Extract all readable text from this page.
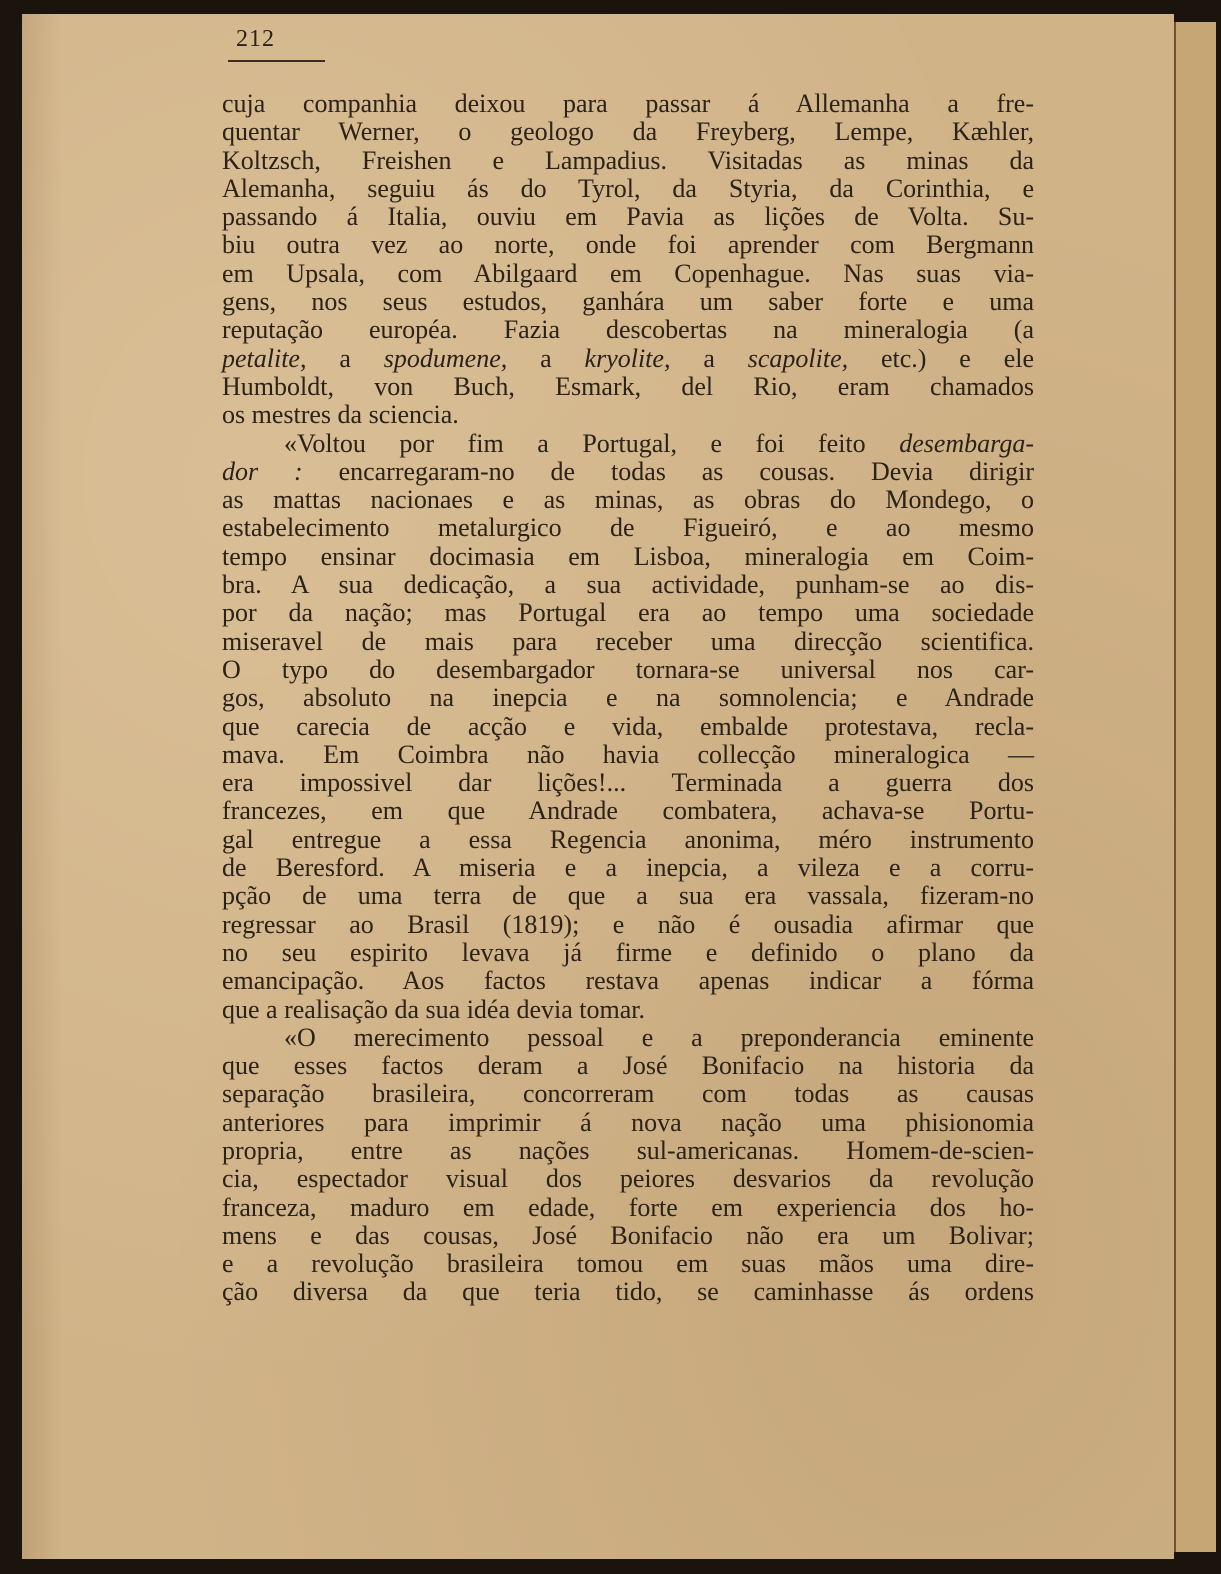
212
cuja companhia deixou para passar á Allemanha a fre-
quentar Werner, o geologo da Freyberg, Lempe, Kæhler,
Koltzsch, Freishen e Lampadius. Visitadas as minas da
Alemanha, seguiu ás do Tyrol, da Styria, da Corinthia, e
passando á Italia, ouviu em Pavia as lições de Volta. Su-
biu outra vez ao norte, onde foi aprender com Bergmann
em Upsala, com Abilgaard em Copenhague. Nas suas via-
gens, nos seus estudos, ganhára um saber forte e uma
reputação européa. Fazia descobertas na mineralogia (a
petalite, a spodumene, a kryolite, a scapolite, etc.) e ele
Humboldt, von Buch, Esmark, del Rio, eram chamados
os mestres da sciencia.
«Voltou por fim a Portugal, e foi feito desembarga-
dor : encarregaram-no de todas as cousas. Devia dirigir
as mattas nacionaes e as minas, as obras do Mondego, o
estabelecimento metalurgico de Figueiró, e ao mesmo
tempo ensinar docimasia em Lisboa, mineralogia em Coim-
bra. A sua dedicação, a sua actividade, punham-se ao dis-
por da nação; mas Portugal era ao tempo uma sociedade
miseravel de mais para receber uma direcção scientifica.
O typo do desembargador tornara-se universal nos car-
gos, absoluto na inepcia e na somnolencia; e Andrade
que carecia de acção e vida, embalde protestava, recla-
mava. Em Coimbra não havia collecção mineralogica —
era impossivel dar lições!... Terminada a guerra dos
francezes, em que Andrade combatera, achava-se Portu-
gal entregue a essa Regencia anonima, méro instrumento
de Beresford. A miseria e a inepcia, a vileza e a corru-
pção de uma terra de que a sua era vassala, fizeram-no
regressar ao Brasil (1819); e não é ousadia afirmar que
no seu espirito levava já firme e definido o plano da
emancipação. Aos factos restava apenas indicar a fórma
que a realisação da sua idéa devia tomar.
«O merecimento pessoal e a preponderancia eminente
que esses factos deram a José Bonifacio na historia da
separação brasileira, concorreram com todas as causas
anteriores para imprimir á nova nação uma phisionomia
propria, entre as nações sul-americanas. Homem-de-scien-
cia, espectador visual dos peiores desvarios da revolução
franceza, maduro em edade, forte em experiencia dos ho-
mens e das cousas, José Bonifacio não era um Bolivar;
e a revolução brasileira tomou em suas mãos uma dire-
ção diversa da que teria tido, se caminhasse ás ordens
